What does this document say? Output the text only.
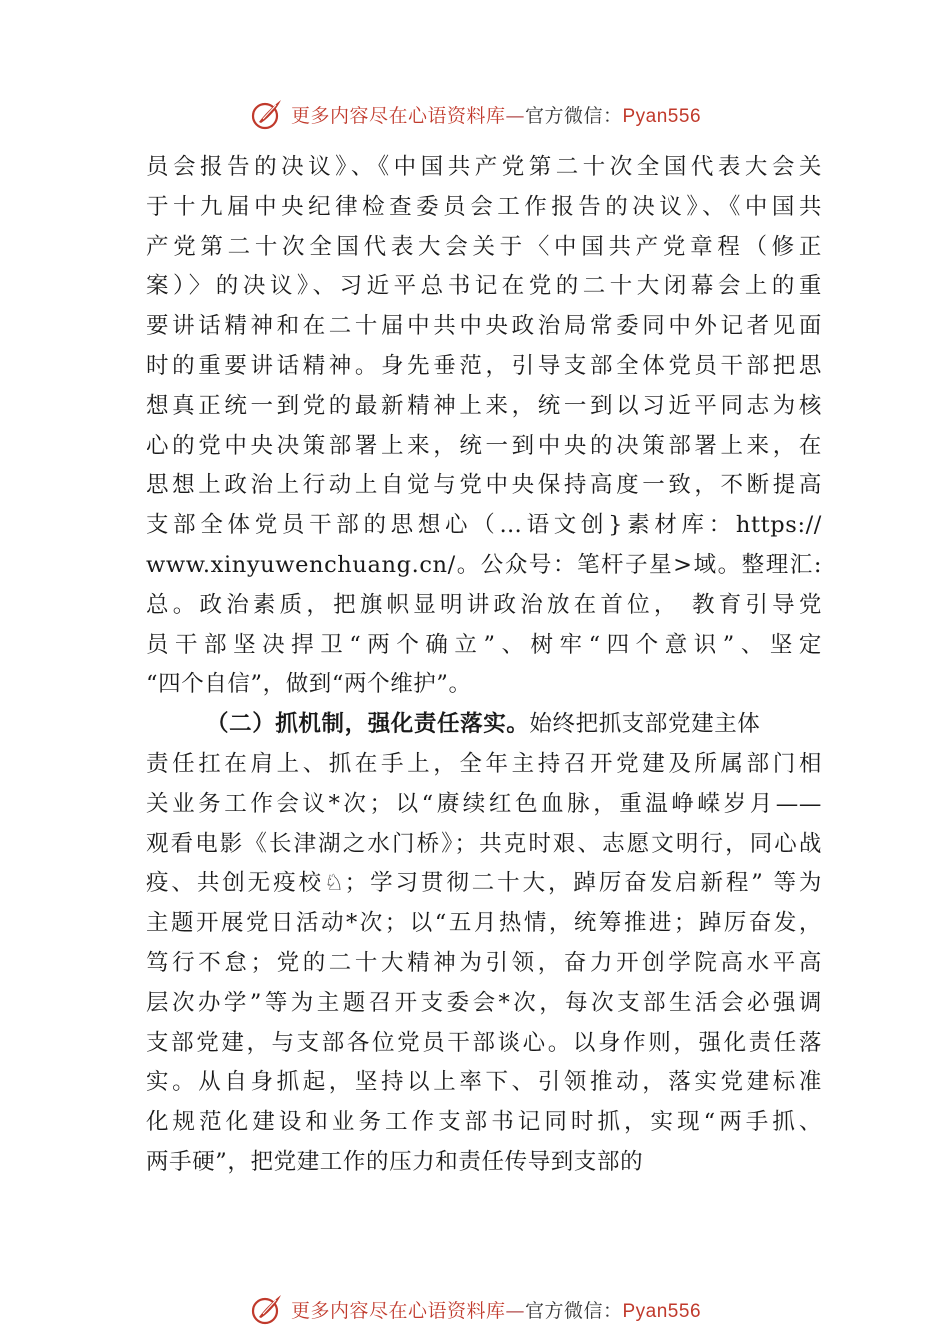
更多内容尽在心语资料库—官方微信：Pyan556
员会报告的决议》、《中国共产党第二十次全国代表大会关
于十九届中央纪律检查委员会工作报告的决议》、《中国共
产党第二十次全国代表大会关于〈中国共产党章程（修正
案）〉的决议》、习近平总书记在党的二十大闭幕会上的重
要讲话精神和在二十届中共中央政治局常委同中外记者见面
时的重要讲话精神。身先垂范，引导支部全体党员干部把思
想真正统一到党的最新精神上来，统一到以习近平同志为核
心的党中央决策部署上来，统一到中央的决策部署上来，在
思想上政治上行动上自觉与党中央保持高度一致，不断提高
支部全体党员干部的思想心（…语文创}素材库：https://
www.xinyuwenchuang.cn/。公众号：笔杆子星>域。整理汇:
总。政治素质，把旗帜显明讲政治放在首位， 教育引导党
员干部坚决捍卫“两个确立”、树牢“四个意识”、坚定
“四个自信”，做到“两个维护”。
（二）抓机制，强化责任落实。始终把抓支部党建主体
责任扛在肩上、抓在手上，全年主持召开党建及所属部门相
关业务工作会议*次；以“赓续红色血脉，重温峥嵘岁月——
观看电影《长津湖之水门桥》；共克时艰、志愿文明行，同心战
疫、共创无疫校♘；学习贯彻二十大，踔厉奋发启新程” 等为
主题开展党日活动*次；以“五月热情，统筹推进；踔厉奋发，
笃行不怠；党的二十大精神为引领，奋力开创学院高水平高
层次办学”等为主题召开支委会*次，每次支部生活会必强调
支部党建，与支部各位党员干部谈心。以身作则，强化责任落
实。从自身抓起，坚持以上率下、引领推动，落实党建标准
化规范化建设和业务工作支部书记同时抓，实现“两手抓、
两手硬”，把党建工作的压力和责任传导到支部的
更多内容尽在心语资料库—官方微信：Pyan556
